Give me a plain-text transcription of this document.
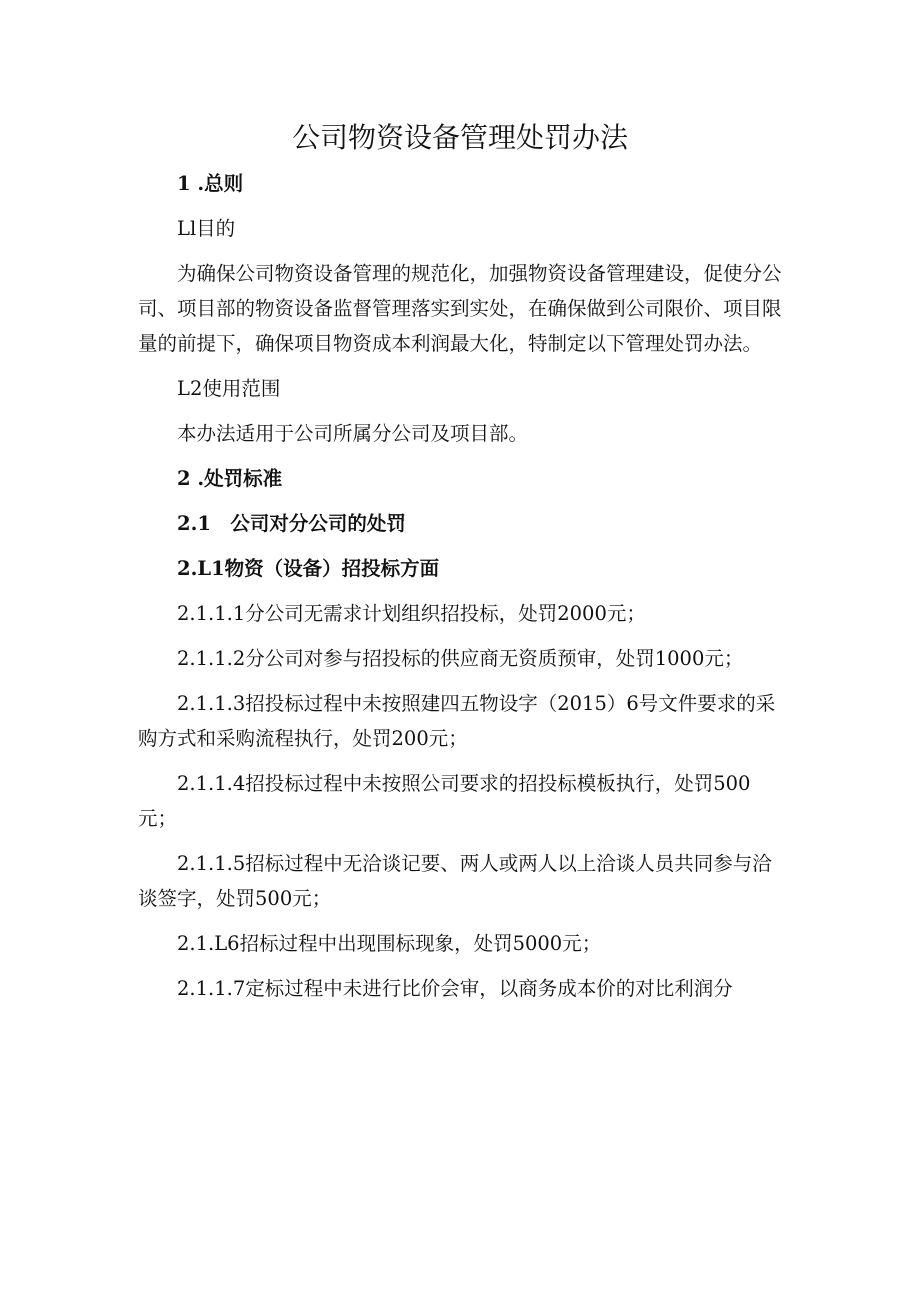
公司物资设备管理处罚办法

1 .总则

Ll目的

为确保公司物资设备管理的规范化，加强物资设备管理建设，促使分公司、项目部的物资设备监督管理落实到实处，在确保做到公司限价、项目限量的前提下，确保项目物资成本利润最大化，特制定以下管理处罚办法。

L2使用范围

本办法适用于公司所属分公司及项目部。

2 .处罚标准

2.1　公司对分公司的处罚

2.L1物资（设备）招投标方面

2.1.1.1分公司无需求计划组织招投标，处罚2000元；

2.1.1.2分公司对参与招投标的供应商无资质预审，处罚1000元；

2.1.1.3招投标过程中未按照建四五物设字（2015）6号文件要求的采购方式和采购流程执行，处罚200元；

2.1.1.4招投标过程中未按照公司要求的招投标模板执行，处罚500元；

2.1.1.5招标过程中无洽谈记要、两人或两人以上洽谈人员共同参与洽谈签字，处罚500元；

2.1.L6招标过程中出现围标现象，处罚5000元；

2.1.1.7定标过程中未进行比价会审，以商务成本价的对比利润分
